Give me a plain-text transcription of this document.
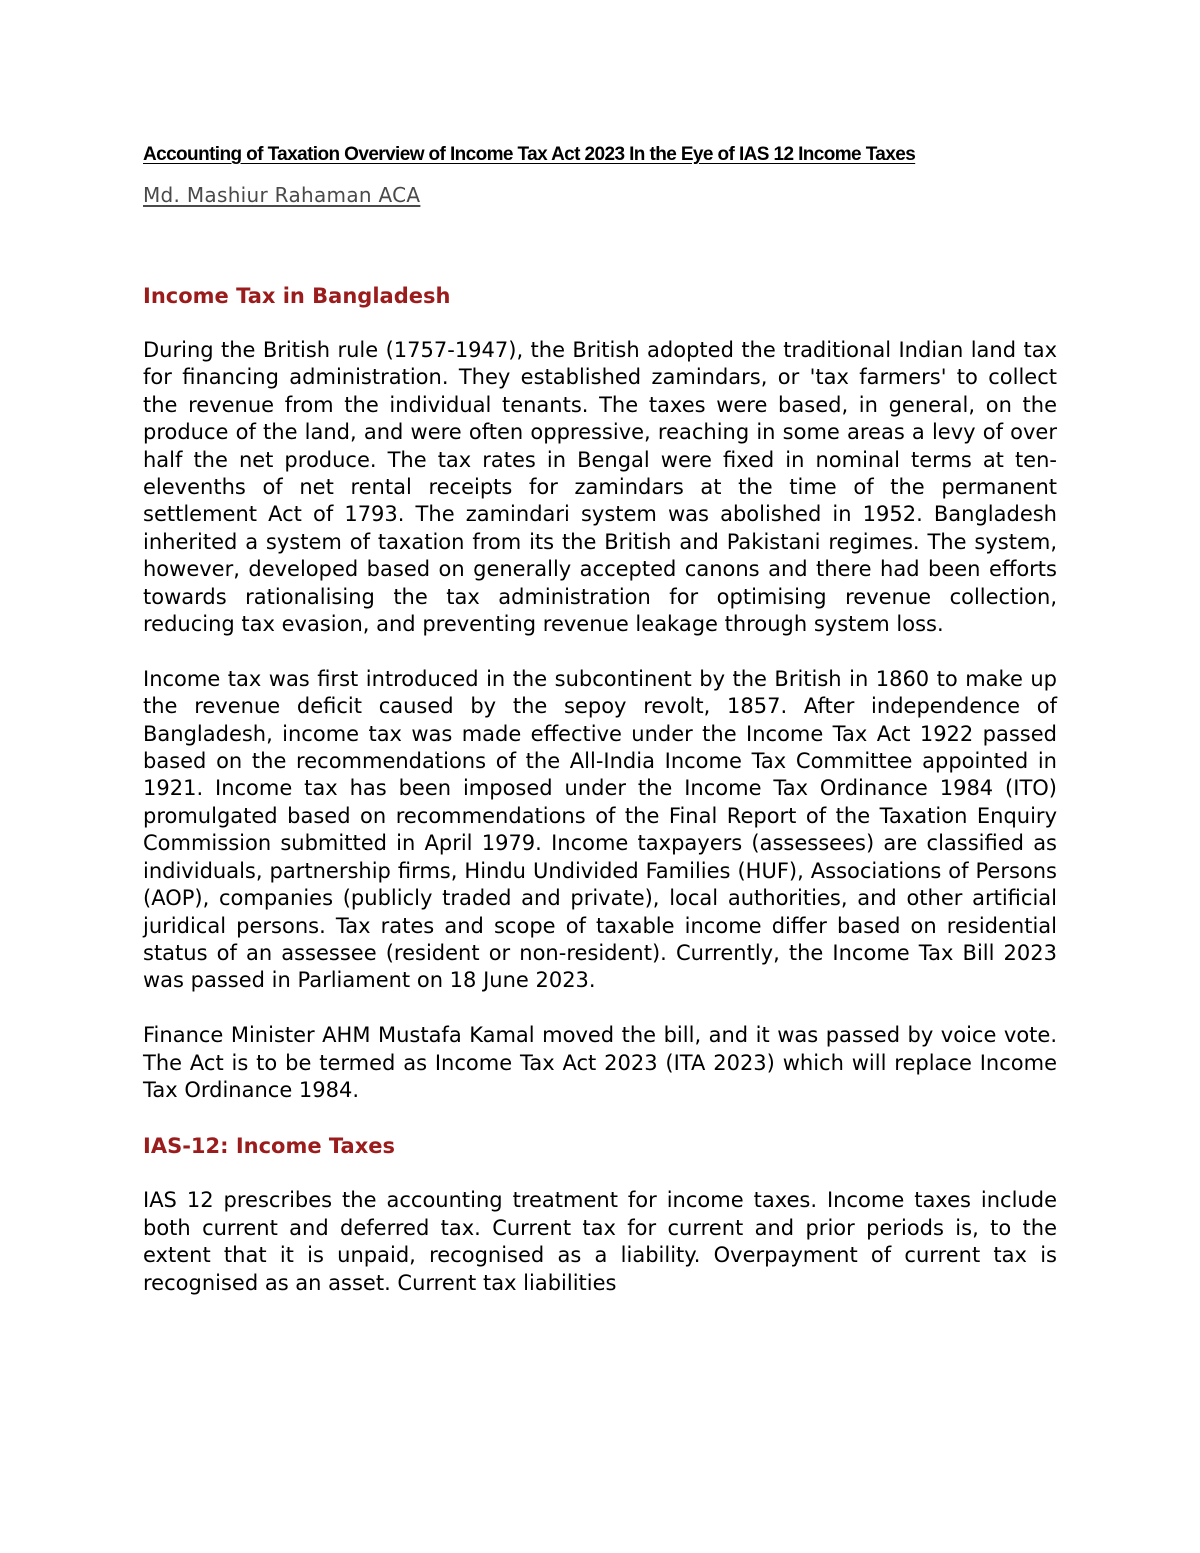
Accounting of Taxation Overview of Income Tax Act 2023 In the Eye of IAS 12 Income Taxes

Md. Mashiur Rahaman ACA

Income Tax in Bangladesh

During the British rule (1757-1947), the British adopted the traditional Indian land tax for financing administration. They established zamindars, or 'tax farmers' to collect the revenue from the individual tenants. The taxes were based, in general, on the produce of the land, and were often oppressive, reaching in some areas a levy of over half the net produce. The tax rates in Bengal were fixed in nominal terms at ten-elevenths of net rental receipts for zamindars at the time of the permanent settlement Act of 1793. The zamindari system was abolished in 1952. Bangladesh inherited a system of taxation from its the British and Pakistani regimes. The system, however, developed based on generally accepted canons and there had been efforts towards rationalising the tax administration for optimising revenue collection, reducing tax evasion, and preventing revenue leakage through system loss.

Income tax was first introduced in the subcontinent by the British in 1860 to make up the revenue deficit caused by the sepoy revolt, 1857. After independence of Bangladesh, income tax was made effective under the Income Tax Act 1922 passed based on the recommendations of the All-India Income Tax Committee appointed in 1921. Income tax has been imposed under the Income Tax Ordinance 1984 (ITO) promulgated based on recommendations of the Final Report of the Taxation Enquiry Commission submitted in April 1979. Income taxpayers (assessees) are classified as individuals, partnership firms, Hindu Undivided Families (HUF), Associations of Persons (AOP), companies (publicly traded and private), local authorities, and other artificial juridical persons. Tax rates and scope of taxable income differ based on residential status of an assessee (resident or non-resident). Currently, the Income Tax Bill 2023 was passed in Parliament on 18 June 2023.

Finance Minister AHM Mustafa Kamal moved the bill, and it was passed by voice vote. The Act is to be termed as Income Tax Act 2023 (ITA 2023) which will replace Income Tax Ordinance 1984.

IAS-12: Income Taxes

IAS 12 prescribes the accounting treatment for income taxes. Income taxes include both current and deferred tax. Current tax for current and prior periods is, to the extent that it is unpaid, recognised as a liability. Overpayment of current tax is recognised as an asset. Current tax liabilities
